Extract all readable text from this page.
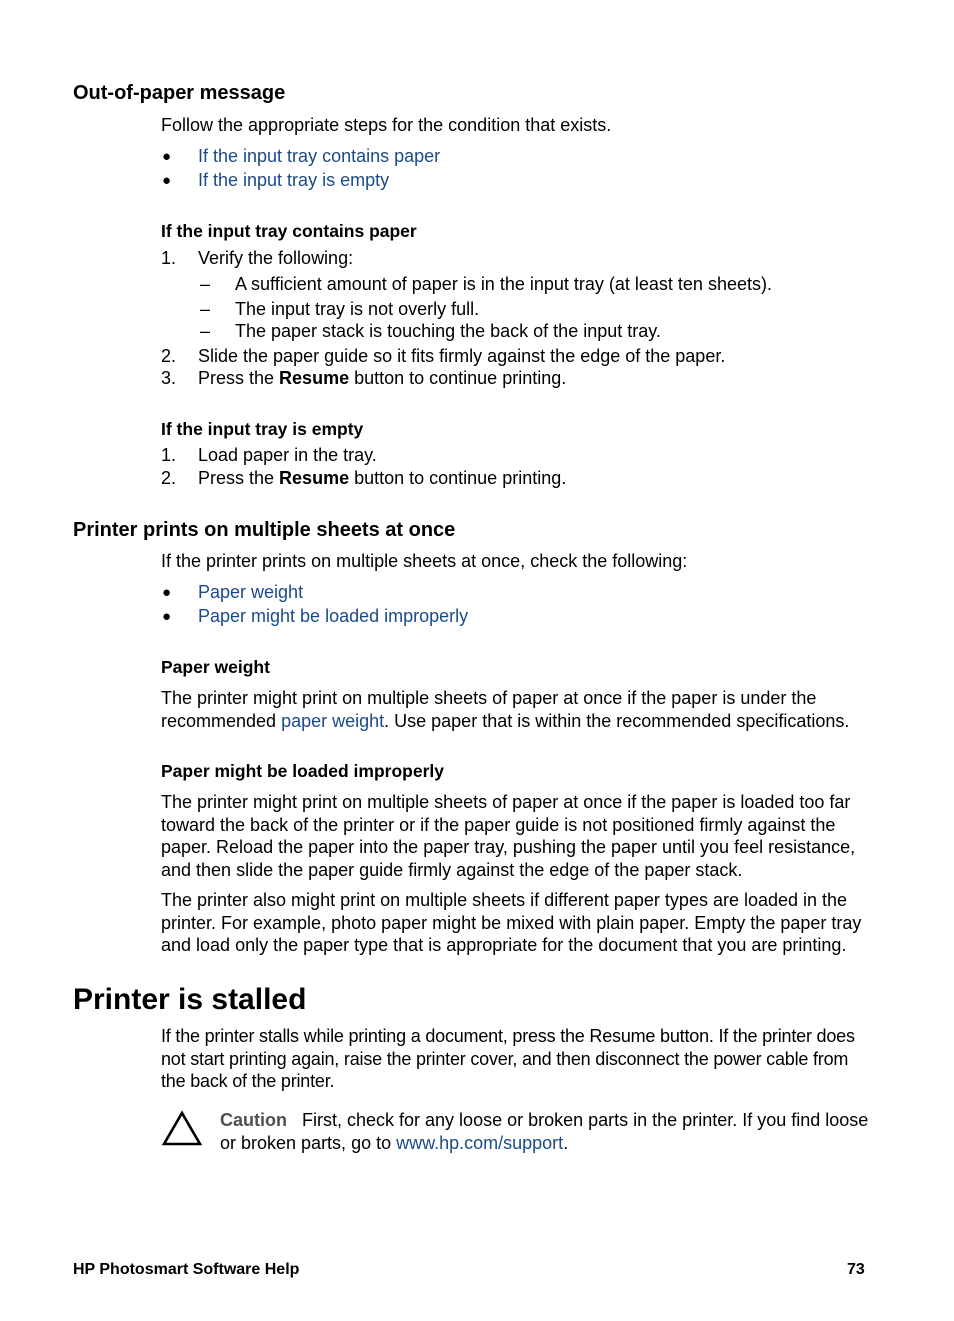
Out-of-paper message
Follow the appropriate steps for the condition that exists.
● If the input tray contains paper
● If the input tray is empty
If the input tray contains paper
1. Verify the following:
– A sufficient amount of paper is in the input tray (at least ten sheets).
– The input tray is not overly full.
– The paper stack is touching the back of the input tray.
2. Slide the paper guide so it fits firmly against the edge of the paper.
3. Press the Resume button to continue printing.
If the input tray is empty
1. Load paper in the tray.
2. Press the Resume button to continue printing.
Printer prints on multiple sheets at once
If the printer prints on multiple sheets at once, check the following:
● Paper weight
● Paper might be loaded improperly
Paper weight
The printer might print on multiple sheets of paper at once if the paper is under the recommended paper weight. Use paper that is within the recommended specifications.
Paper might be loaded improperly
The printer might print on multiple sheets of paper at once if the paper is loaded too far toward the back of the printer or if the paper guide is not positioned firmly against the paper. Reload the paper into the paper tray, pushing the paper until you feel resistance, and then slide the paper guide firmly against the edge of the paper stack.
The printer also might print on multiple sheets if different paper types are loaded in the printer. For example, photo paper might be mixed with plain paper. Empty the paper tray and load only the paper type that is appropriate for the document that you are printing.
Printer is stalled
If the printer stalls while printing a document, press the Resume button. If the printer does not start printing again, raise the printer cover, and then disconnect the power cable from the back of the printer.
Caution First, check for any loose or broken parts in the printer. If you find loose or broken parts, go to www.hp.com/support.
HP Photosmart Software Help	73
